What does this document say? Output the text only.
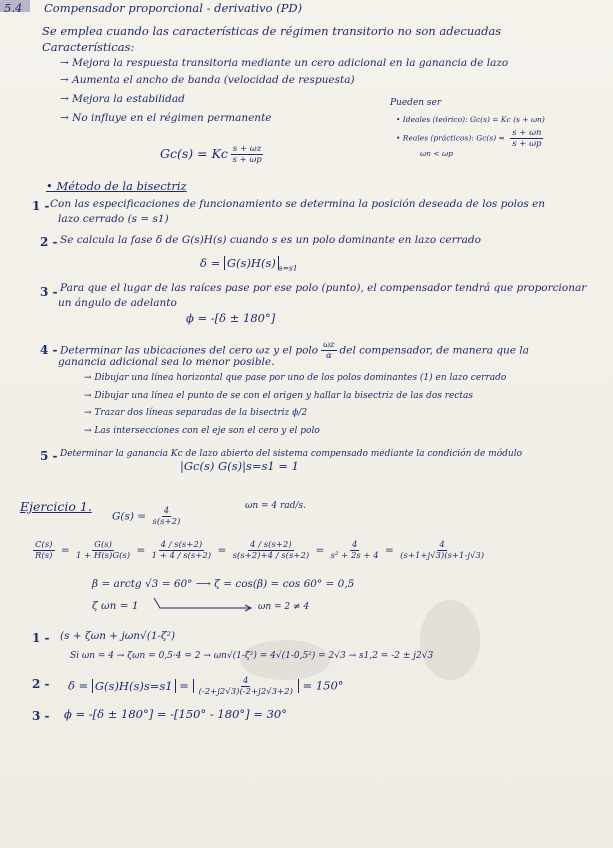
5.4 Compensador proporcional - derivativo (PD)
Se emplea cuando las características de régimen transitorio no son adecuadas
Características:
→ Mejora la respuesta transitoria mediante un cero adicional en la ganancia de lazo
→ Aumenta el ancho de banda (velocidad de respuesta)
→ Mejora la estabilidad
→ No influye en el régimen permanente
Pueden ser
• Ideales (teórico): Gc(s) = Kc (s + ωn)
• Reales (prácticos): $Gc(s) = \frac{s + \omega n}{s + \omega p}$
ωn < ωp
Gc(s) = Kc $\frac{s + \omega z}{s + \omega p}$
• Método de la bisectriz
1 - Con las especificaciones de funcionamiento se determina la posición deseada de los polos en
lazo cerrado (s = s1)
2 - Se calcula la fase δ de G(s)H(s) cuando s es un polo dominante en lazo cerrado
δ = G(s)H(s) $_{s=s1}$
3 - Para que el lugar de las raíces pase por ese polo (punto), el compensador tendrá que proporcionar
un ángulo de adelanto
ϕ = -[δ ± 180°]
4 - Determinar las ubicaciones del cero ωz y el polo $\frac{\omega z}{\alpha}$ del compensador, de manera que la
ganancia adicional sea lo menor posible.
→ Dibujar una línea horizontal que pase por uno de los polos dominantes (1) en lazo cerrado
→ Dibujar una línea el punto de se con el origen y hallar la bisectriz de las dos rectas
→ Trazar dos líneas separadas de la bisectriz ϕ/2
→ Las intersecciones con el eje son el cero y el polo
5 - Determinar la ganancia Kc de lazo abierto del sistema compensado mediante la condición de módulo
|Gc(s) G(s)|s=s1 = 1
Ejercicio 1.
$G(s) = \frac{4}{s(s+2)}$	ωn = 4 rad/s.
$\frac{C(s)}{R(s)} = \frac{G(s)}{1 + H(s)G(s)} = \frac{4 / s(s+2)}{1 + 4 / s(s+2)} = \frac{4 / s(s+2)}{s(s+2)+4 / s(s+2)} = \frac{4}{\text{s² + 2s + 4}} = \frac{4}{(s+1+j√3)(s+1-j√3)}$
β = arctg √3 = 60° ⟶ ζ = cos(β) = cos 60° = 0,5
ζ ωn = 1	ωn = 2 ≠ 4
1 - (s + ζωn + jωn√(1-ζ²)
Si ωn = 4 → ζωn = 0,5·4 = 2 → ωn√(1-ζ²) = 4√(1-0,5²) = 2√3 → s1,2 = -2 ± j2√3
$2 - \delta = G(s)H(s)s=s1 = \frac{4}{(-2+j2√3)(-2+j2√3+2)} = 150^\circ$
3 - ϕ = -[δ ± 180°] = -[150° - 180°] = 30°
